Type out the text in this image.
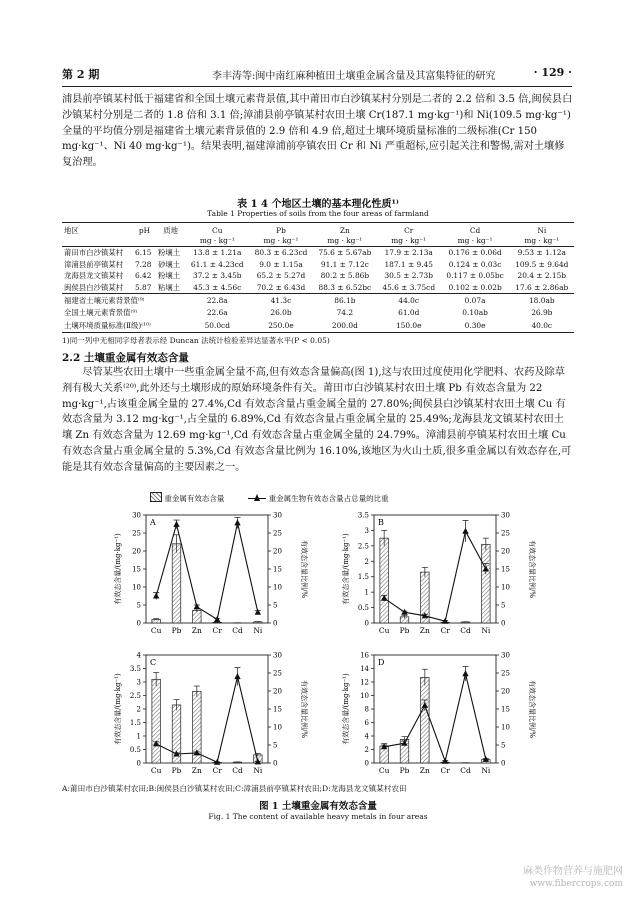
第 2 期	李丰涛等:闽中南红麻种植田土壤重金属含量及其富集特征的研究	· 129 ·
浦县前亭镇某村低于福建省和全国土壤元素背景值,其中莆田市白沙镇某村分别是二者的 2.2 倍和 3.5 倍,闽侯县白沙镇某村分别是二者的 1.8 倍和 3.1 倍;漳浦县前亭镇某村农田土壤 Cr(187.1 mg·kg⁻¹)和 Ni(109.5 mg·kg⁻¹)全量的平均值分别是福建省土壤元素背景值的 2.9 倍和 4.9 倍,超过土壤环境质量标准的二级标准(Cr 150 mg·kg⁻¹、Ni 40 mg·kg⁻¹)。结果表明,福建漳浦前亭镇农田 Cr 和 Ni 严重超标,应引起关注和警惕,需对土壤修复治理。
表 1 4 个地区土壤的基本理化性质¹⁾
Table 1 Properties of soils from the four areas of farmland
地区	pH	质地	Cu	Pb	Zn	Cr	Cd	Ni
			mg · kg⁻¹	mg · kg⁻¹	mg · kg⁻¹	mg · kg⁻¹	mg · kg⁻¹	mg · kg⁻¹
莆田市白沙镇某村	6.15	粉壤土	13.8 ± 1.21a	80.3 ± 6.23cd	75.6 ± 5.67ab	17.9 ± 2.13a	0.176 ± 0.06d	9.53 ± 1.12a
漳浦县前亭镇某村	7.28	砂壤土	61.1 ± 4.23cd	9.0 ± 1.15a	91.1 ± 7.12c	187.1 ± 9.45	0.124 ± 0.03c	109.5 ± 9.64d
龙海县龙文镇某村	6.42	粉壤土	37.2 ± 3.45b	65.2 ± 5.27d	80.2 ± 5.86b	30.5 ± 2.73b	0.117 ± 0.05bc	20.4 ± 2.15b
闽侯县白沙镇某村	5.87	粘壤土	45.3 ± 4.56c	70.2 ± 6.43d	88.3 ± 6.52bc	45.6 ± 3.75cd	0.102 ± 0.02b	17.6 ± 2.86ab
福建省土壤元素背景值⁽⁹⁾			22.8a	41.3c	86.1b	44.0c	0.07a	18.0ab
全国土壤元素背景值⁽⁹⁾			22.6a	26.0b	74.2	61.0d	0.10ab	26.9b
土壤环境质量标准(Ⅱ级)⁽¹⁰⁾			50.0cd	250.0e	200.0d	150.0e	0.30e	40.0c
1)同一列中无相同字母者表示经 Duncan 法统计检验差异达显著水平(P < 0.05)
2.2 土壤重金属有效态含量
尽管某些农田土壤中一些重金属全量不高,但有效态含量偏高(图 1),这与农田过度使用化学肥料、农药及除草剂有极大关系⁽²⁰⁾,此外还与土壤形成的原始环境条件有关。莆田市白沙镇某村农田土壤 Pb 有效态含量为 22 mg·kg⁻¹,占该重金属全量的 27.4%,Cd 有效态含量占重金属全量的 27.80%;闽侯县白沙镇某村农田土壤 Cu 有效态含量为 3.12 mg·kg⁻¹,占全量的 6.89%,Cd 有效态含量占重金属全量的 25.49%;龙海县龙文镇某村农田土壤 Zn 有效态含量为 12.69 mg·kg⁻¹,Cd 有效态含量占重金属全量的 24.79%。漳浦县前亭镇某村农田土壤 Cu 有效态含量占重金属全量的 5.3%,Cd 有效态含量比例为 16.10%,该地区为火山土质,很多重金属以有效态存在,可能是其有效态含量偏高的主要因素之一。
重金属有效态含量	重金属生物有效态含量占总量的比重
0
5
10
15
20
25
30
0
5
10
15
20
25
30
A
有效态含量/(mg·kg⁻¹)	有效态含量比例/%
Cu Pb Zn Cr Cd Ni
0
0.5
1
1.5
2
2.5
3
3.5
0
5
10
15
20
25
30
B
有效态含量/(mg·kg⁻¹)	有效态含量比例/%
Cu Pb Zn Cr Cd Ni
0
0.5
1
1.5
2
2.5
3
3.5
4
0
5
10
15
20
25
30
C
有效态含量/(mg·kg⁻¹)	有效态含量比例/%
Cu Pb Zn Cr Cd Ni
0
2
4
6
8
10
12
14
16
0
5
10
15
20
25
30
D
有效态含量/(mg·kg⁻¹)	有效态含量比例/%
Cu Pb Zn Cr Cd Ni
A:莆田市白沙镇某村农田;B:闽侯县白沙镇某村农田;C:漳浦县前亭镇某村农田;D:龙海县龙文镇某村农田
图 1 土壤重金属有效态含量
Fig. 1 The content of available heavy metals in four areas
麻类作物营养与施肥网
www.fibercrops.com
